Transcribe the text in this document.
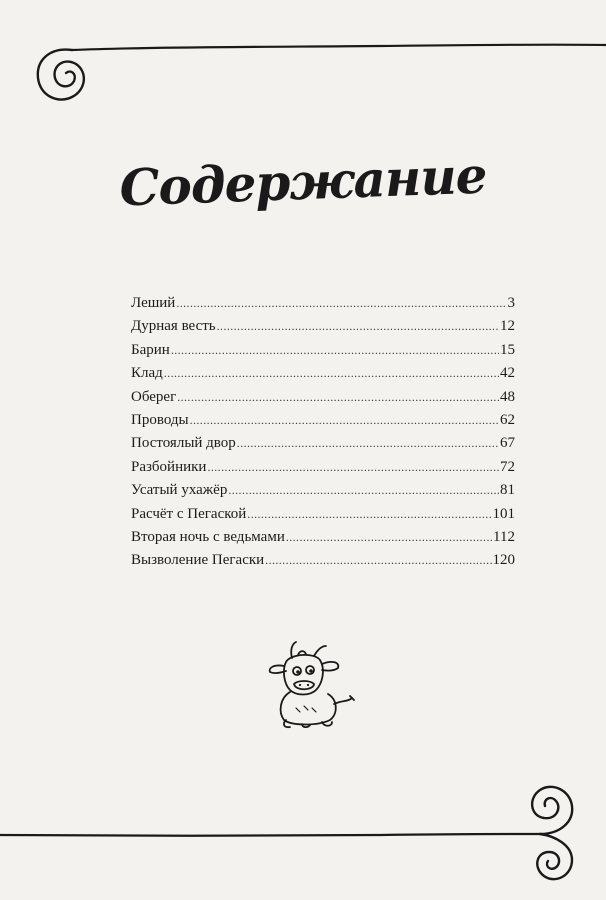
Содержание
Леший .....	3
Дурная весть .....	12
Барин .....	15
Клад .....	42
Оберег .....	48
Проводы .....	62
Постоялый двор .....	67
Разбойники .....	72
Усатый ухажёр .....	81
Расчёт с Пегаской .....	101
Вторая ночь с ведьмами .....	112
Вызволение Пегаски .....	120
